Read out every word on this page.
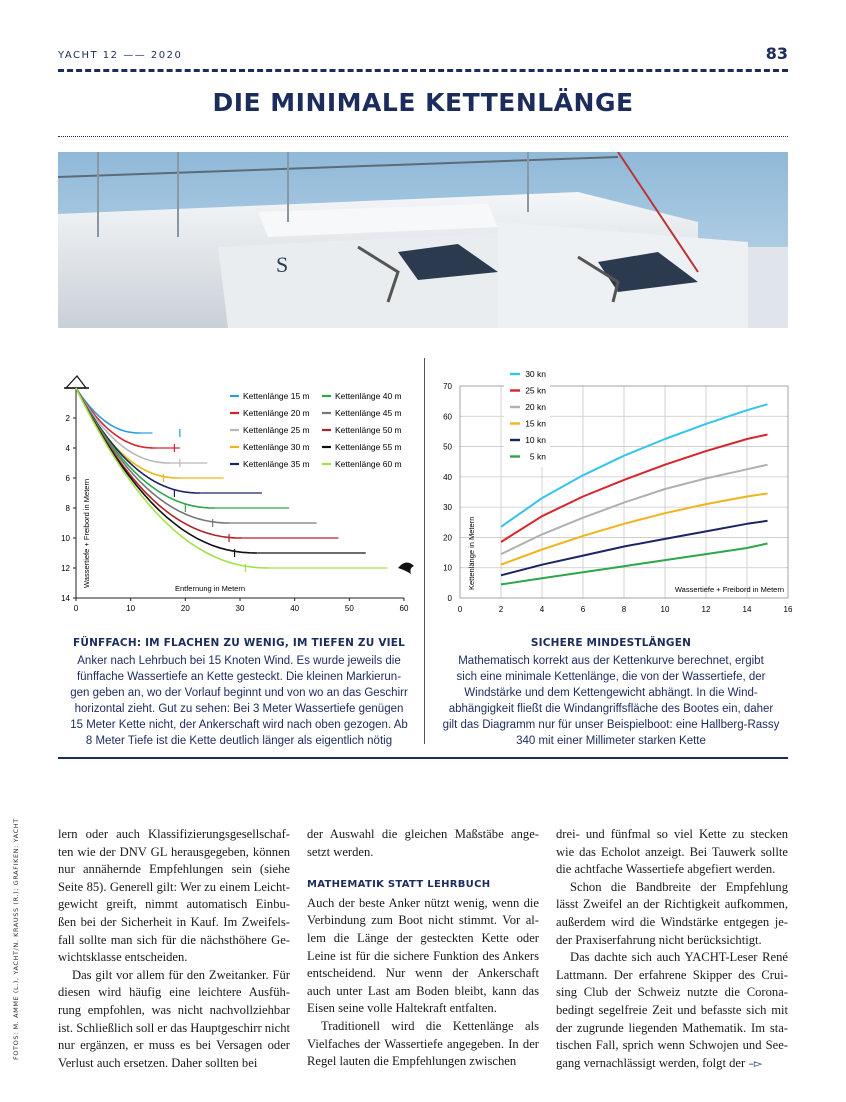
YACHT 12 —— 2020	83
DIE MINIMALE KETTENLÄNGE
S
0	10	20	30	40	50	60
2
4
6
8
10
12
14
Wassertiefe + Freibord in Metern
Entfernung in Metern
Kettenlänge 15 m
Kettenlänge 20 m
Kettenlänge 25 m
Kettenlänge 30 m
Kettenlänge 35 m
Kettenlänge 40 m
Kettenlänge 45 m
Kettenlänge 50 m
Kettenlänge 55 m
Kettenlänge 60 m
0
10
20
30
40
50
60
70
0	2	4	6	8	10	12	14	16
Kettenlänge in Metern	Wassertiefe + Freibord in Metern
30 kn
25 kn
20 kn
15 kn
10 kn
5 kn
FÜNFFACH: IM FLACHEN ZU WENIG, IM TIEFEN ZU VIEL
Anker nach Lehrbuch bei 15 Knoten Wind. Es wurde jeweils die
fünffache Wassertiefe an Kette gesteckt. Die kleinen Markierun-
gen geben an, wo der Vorlauf beginnt und von wo an das Geschirr
horizontal zieht. Gut zu sehen: Bei 3 Meter Wassertiefe genügen
15 Meter Kette nicht, der Ankerschaft wird nach oben gezogen. Ab
8 Meter Tiefe ist die Kette deutlich länger als eigentlich nötig
SICHERE MINDESTLÄNGEN
Mathematisch korrekt aus der Kettenkurve berechnet, ergibt
sich eine minimale Kettenlänge, die von der Wassertiefe, der
Windstärke und dem Kettengewicht abhängt. In die Wind-
abhängigkeit fließt die Windangriffsfläche des Bootes ein, daher
gilt das Diagramm nur für unser Beispielboot: eine Hallberg-Rassy
340 mit einer Millimeter starken Kette
FOTOS: M. AMME (L.), YACHT/N. KRAUSS (R.); GRAFIKEN: YACHT	lern oder auch Klassifizierungsgesellschaf- ten wie der DNV GL herausgegeben, können nur annähernde Empfehlungen sein (siehe Seite 85). Generell gilt: Wer zu einem Leicht- gewicht greift, nimmt automatisch Einbu- ßen bei der Sicherheit in Kauf. Im Zweifels- fall sollte man sich für die nächsthöhere Ge- wichtsklasse entscheiden.

Das gilt vor allem für den Zweitanker. Für diesen wird häufig eine leichtere Ausfüh- rung empfohlen, was nicht nachvollziehbar ist. Schließlich soll er das Hauptgeschirr nicht nur ergänzen, er muss es bei Versagen oder Verlust auch ersetzen. Daher sollten bei

der Auswahl die gleichen Maßstäbe ange- setzt werden.

MATHEMATIK STATT LEHRBUCH

Auch der beste Anker nützt wenig, wenn die Verbindung zum Boot nicht stimmt. Vor al- lem die Länge der gesteckten Kette oder Leine ist für die sichere Funktion des Ankers entscheidend. Nur wenn der Ankerschaft auch unter Last am Boden bleibt, kann das Eisen seine volle Haltekraft entfalten.

Traditionell wird die Kettenlänge als Vielfaches der Wassertiefe angegeben. In der Regel lauten die Empfehlungen zwischen

drei- und fünfmal so viel Kette zu stecken wie das Echolot anzeigt. Bei Tauwerk sollte die achtfache Wassertiefe abgefiert werden.

Schon die Bandbreite der Empfehlung lässt Zweifel an der Richtigkeit aufkommen, außerdem wird die Windstärke entgegen je- der Praxiserfahrung nicht berücksichtigt.

Das dachte sich auch YACHT-Leser René Lattmann. Der erfahrene Skipper des Crui- sing Club der Schweiz nutzte die Corona- bedingt segelfreie Zeit und befasste sich mit der zugrunde liegenden Mathematik. Im sta- tischen Fall, sprich wenn Schwojen und See- gang vernachlässigt werden, folgt der –▻
